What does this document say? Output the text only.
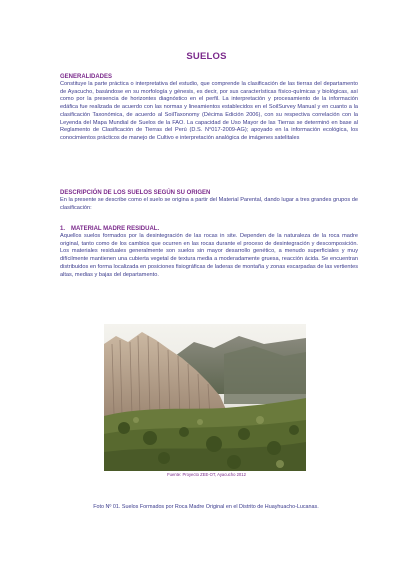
SUELOS
GENERALIDADES

Constituye la parte práctica o interpretativa del estudio, que comprende la clasificación de las tierras del departamento de Ayacucho, basándose en su morfología y génesis, es decir, por sus características físico-químicas y biológicas, así como por la presencia de horizontes diagnóstico en el perfil. La interpretación y procesamiento de la información edáfica fue realizada de acuerdo con las normas y lineamientos establecidos en el SoilSurvey Manual y en cuanto a la clasificación Taxonómica, de acuerdo al SoilTaxonomy (Décima Edición 2006), con su respectiva correlación con la Leyenda del Mapa Mundial de Suelos de la FAO. La capacidad de Uso Mayor de las Tierras se determinó en base al Reglamento de Clasificación de Tierras del Perú (D.S. N°017-2009-AG); apoyado en la información ecológica, los conocimientos prácticos de manejo de Cultivo e interpretación analógica de imágenes satelitales

DESCRIPCIÓN DE LOS SUELOS SEGÚN SU ORIGEN

En la presente se describe como el suelo se origina a partir del Material Parental, dando lugar a tres grandes grupos de clasificación:

1. MATERIAL MADRE RESIDUAL.

Aquellos suelos formados por la desintegración de las rocas in site. Dependen de la naturaleza de la roca madre original, tanto como de los cambios que ocurren en las rocas durante el proceso de desintegración y descomposición. Los materiales residuales generalmente son suelos sin mayor desarrollo genético, a menudo superficiales y muy difícilmente mantienen una cubierta vegetal de textura media a moderadamente gruesa, reacción ácida. Se encuentran distribuidos en forma localizada en posiciones fisiográficas de laderas de montaña y zonas escarpadas de las vertientes altas, medias y bajas del departamento.

Fuente: Proyecto ZEE-OT, Ayacucho 2012
Foto Nº 01. Suelos Formados por Roca Madre Original en el Distrito de Huayhuacho-Lucanas.
